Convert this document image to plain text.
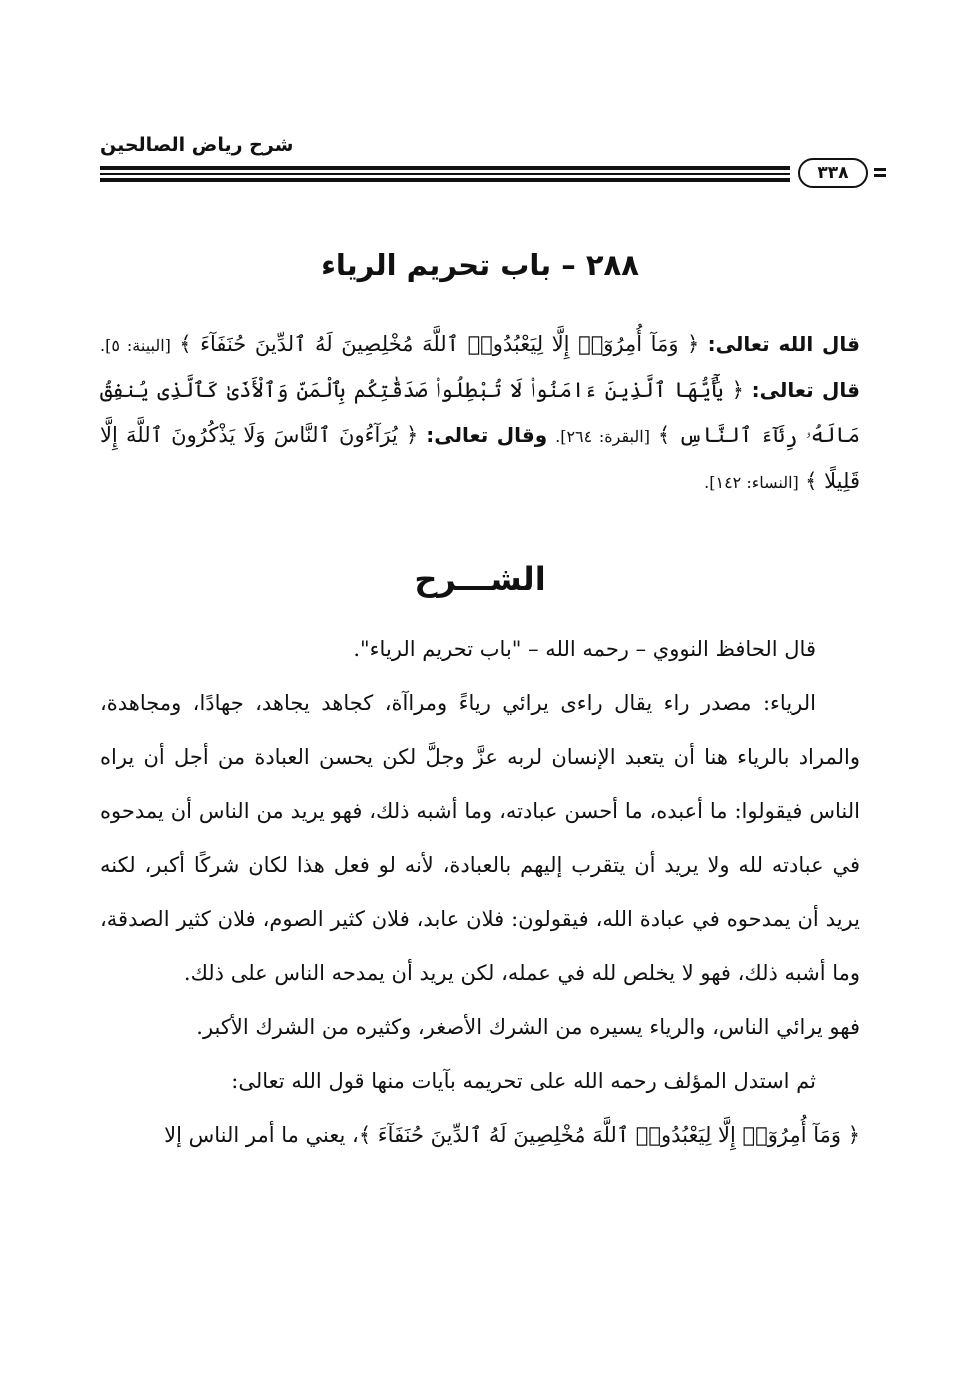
شرح رياض الصالحين
٣٣٨
٢٨٨ – باب تحريم الرياء
قال الله تعالى: ﴿ وَمَآ أُمِرُوٓا۟ إِلَّا لِيَعْبُدُوا۟ ٱللَّهَ مُخْلِصِينَ لَهُ ٱلدِّينَ حُنَفَآءَ ﴾ [البينة: ٥]. قال تعالى: ﴿ يَٰٓأَيُّهَا ٱلَّذِينَ ءَامَنُوا۟ لَا تُبْطِلُوا۟ صَدَقَٰتِكُم بِٱلْمَنِّ وَٱلْأَذَىٰ كَٱلَّذِى يُنفِقُ مَالَهُۥ رِئَآءَ ٱلنَّاسِ ﴾ [البقرة: ٢٦٤]. وقال تعالى: ﴿ يُرَآءُونَ ٱلنَّاسَ وَلَا يَذْكُرُونَ ٱللَّهَ إِلَّا قَلِيلًا ﴾ [النساء: ١٤٢].
الشـــرح

قال الحافظ النووي – رحمه الله – "باب تحريم الرياء".

الرياء: مصدر راء يقال راءى يرائي رياءً ومراآة، كجاهد يجاهد، جهادًا، ومجاهدة، والمراد بالرياء هنا أن يتعبد الإنسان لربه عزَّ وجلَّ لكن يحسن العبادة من أجل أن يراه الناس فيقولوا: ما أعبده، ما أحسن عبادته، وما أشبه ذلك، فهو يريد من الناس أن يمدحوه في عبادته لله ولا يريد أن يتقرب إليهم بالعبادة، لأنه لو فعل هذا لكان شركًا أكبر، لكنه يريد أن يمدحوه في عبادة الله، فيقولون: فلان عابد، فلان كثير الصوم، فلان كثير الصدقة، وما أشبه ذلك، فهو لا يخلص لله في عمله، لكن يريد أن يمدحه الناس على ذلك.

فهو يرائي الناس، والرياء يسيره من الشرك الأصغر، وكثيره من الشرك الأكبر.

ثم استدل المؤلف رحمه الله على تحريمه بآيات منها قول الله تعالى:

﴿ وَمَآ أُمِرُوٓا۟ إِلَّا لِيَعْبُدُوا۟ ٱللَّهَ مُخْلِصِينَ لَهُ ٱلدِّينَ حُنَفَآءَ ﴾، يعني ما أمر الناس إلا
